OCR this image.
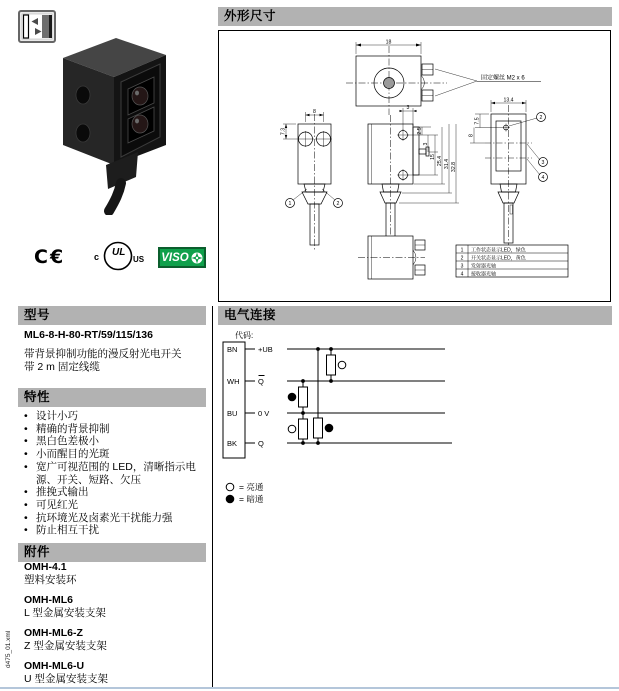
C€	UL
c	US VISO
型号
ML6-8-H-80-RT/59/115/136
带背景抑制功能的漫反射光电开关
带 2 m 固定线缆
特性
• 设计小巧
• 精确的背景抑制
• 黑白色差极小
• 小而醒目的光斑
• 宽广可视范围的 LED，清晰指示电源、开关、短路、欠压
• 推挽式输出
• 可见红光
• 抗环境光及卤素光干扰能力强
• 防止相互干扰
附件
OMH-4.1
塑料安装环
OMH-ML6
L 型金属安装支架
OMH-ML6-Z
Z 型金属安装支架
OMH-ML6-U
U 型金属安装支架
d475_01.xml
外形尺寸
18
固定螺丝 M2 x 6
8
7.3
3
2.5
3
15 25.4 31.4 32.8
13.4
7.5
8
1	2
2
3
4
1 工作状态显示LED，绿色
2 开关状态显示LED，黄色
3 发射器光轴
4 接收器光轴
电气连接
代码:
BN
WH
BU
BK
+UB
Q
0 V
Q
= 亮通
= 暗通
